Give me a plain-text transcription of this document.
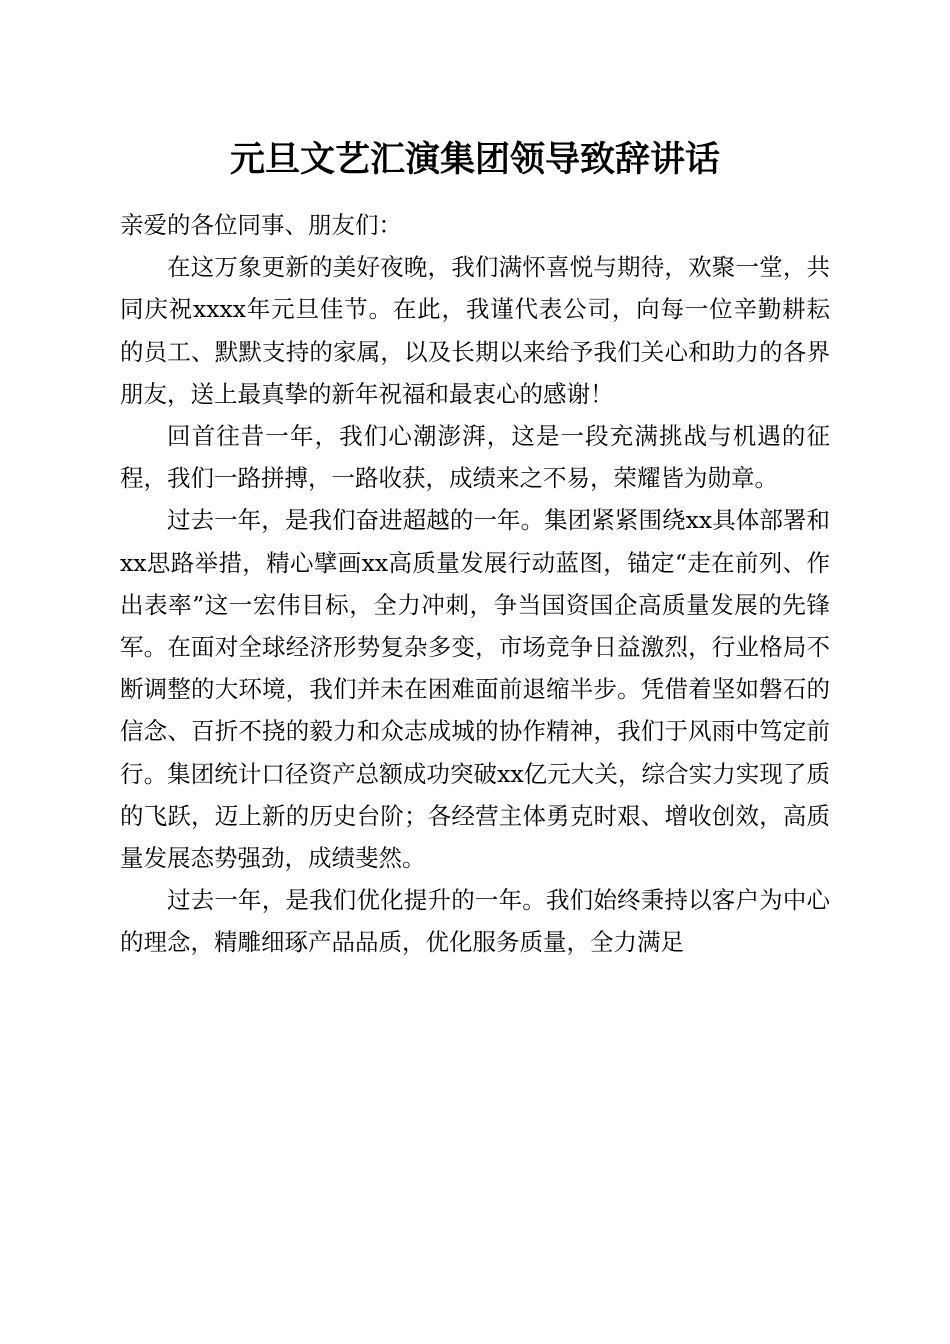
元旦文艺汇演集团领导致辞讲话

亲爱的各位同事、朋友们：

在这万象更新的美好夜晚，我们满怀喜悦与期待，欢聚一堂，共同庆祝xxxx年元旦佳节。在此，我谨代表公司，向每一位辛勤耕耘的员工、默默支持的家属，以及长期以来给予我们关心和助力的各界朋友，送上最真挚的新年祝福和最衷心的感谢！

回首往昔一年，我们心潮澎湃，这是一段充满挑战与机遇的征程，我们一路拼搏，一路收获，成绩来之不易，荣耀皆为勋章。

过去一年，是我们奋进超越的一年。集团紧紧围绕xx具体部署和xx思路举措，精心擘画xx高质量发展行动蓝图，锚定“走在前列、作出表率”这一宏伟目标，全力冲刺，争当国资国企高质量发展的先锋军。在面对全球经济形势复杂多变，市场竞争日益激烈，行业格局不断调整的大环境，我们并未在困难面前退缩半步。凭借着坚如磐石的信念、百折不挠的毅力和众志成城的协作精神，我们于风雨中笃定前行。集团统计口径资产总额成功突破xx亿元大关，综合实力实现了质的飞跃，迈上新的历史台阶；各经营主体勇克时艰、增收创效，高质量发展态势强劲，成绩斐然。

过去一年，是我们优化提升的一年。我们始终秉持以客户为中心的理念，精雕细琢产品品质，优化服务质量，全力满足
